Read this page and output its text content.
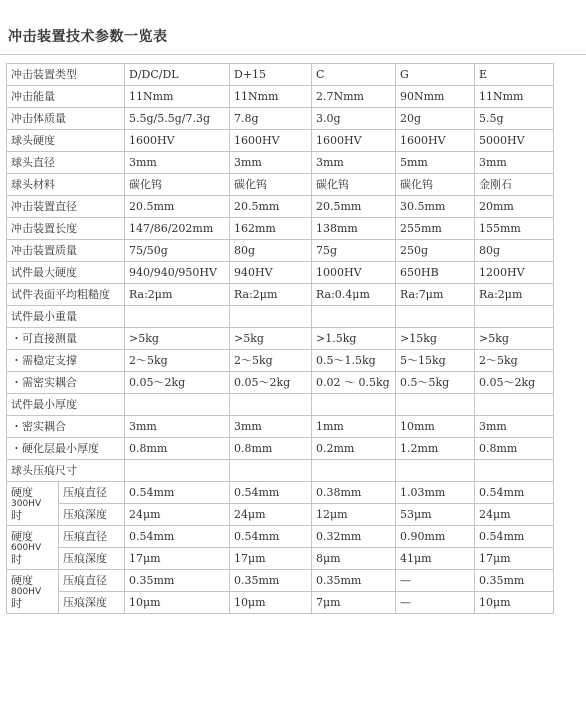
冲击装置技术参数一览表
冲击装置类型		D/DC/DL	D+15	C	G	E
冲击能量		11Nmm	11Nmm	2.7Nmm	90Nmm	11Nmm
冲击体质量		5.5g/5.5g/7.3g	7.8g	3.0g	20g	5.5g
球头硬度		1600HV	1600HV	1600HV	1600HV	5000HV
球头直径		3mm	3mm	3mm	5mm	3mm
球头材料		碳化钨	碳化钨	碳化钨	碳化钨	金刚石
冲击装置直径		20.5mm	20.5mm	20.5mm	30.5mm	20mm
冲击装置长度		147/86/202mm	162mm	138mm	255mm	155mm
冲击装置质量		75/50g	80g	75g	250g	80g
试件最大硬度		940/940/950HV	940HV	1000HV	650HB	1200HV
试件表面平均粗糙度		Ra:2μm	Ra:2μm	Ra:0.4μm	Ra:7μm	Ra:2μm
试件最小重量						
・可直接测量		>5kg	>5kg	>1.5kg	>15kg	>5kg
・需稳定支撑		2～5kg	2～5kg	0.5～1.5kg	5～15kg	2～5kg
・需密实耦合		0.05～2kg	0.05～2kg	0.02 ～ 0.5kg	0.5～5kg	0.05～2kg
试件最小厚度						
・密实耦合		3mm	3mm	1mm	10mm	3mm
・硬化层最小厚度		0.8mm	0.8mm	0.2mm	1.2mm	0.8mm
球头压痕尺寸						
硬度
300HV
时	压痕直径	0.54mm	0.54mm	0.38mm	1.03mm	0.54mm
	压痕深度	24μm	24μm	12μm	53μm	24μm
硬度
600HV
时	压痕直径	0.54mm	0.54mm	0.32mm	0.90mm	0.54mm
	压痕深度	17μm	17μm	8μm	41μm	17μm
硬度
800HV
时	压痕直径	0.35mm	0.35mm	0.35mm	—	0.35mm
	压痕深度	10μm	10μm	7μm	—	10μm
